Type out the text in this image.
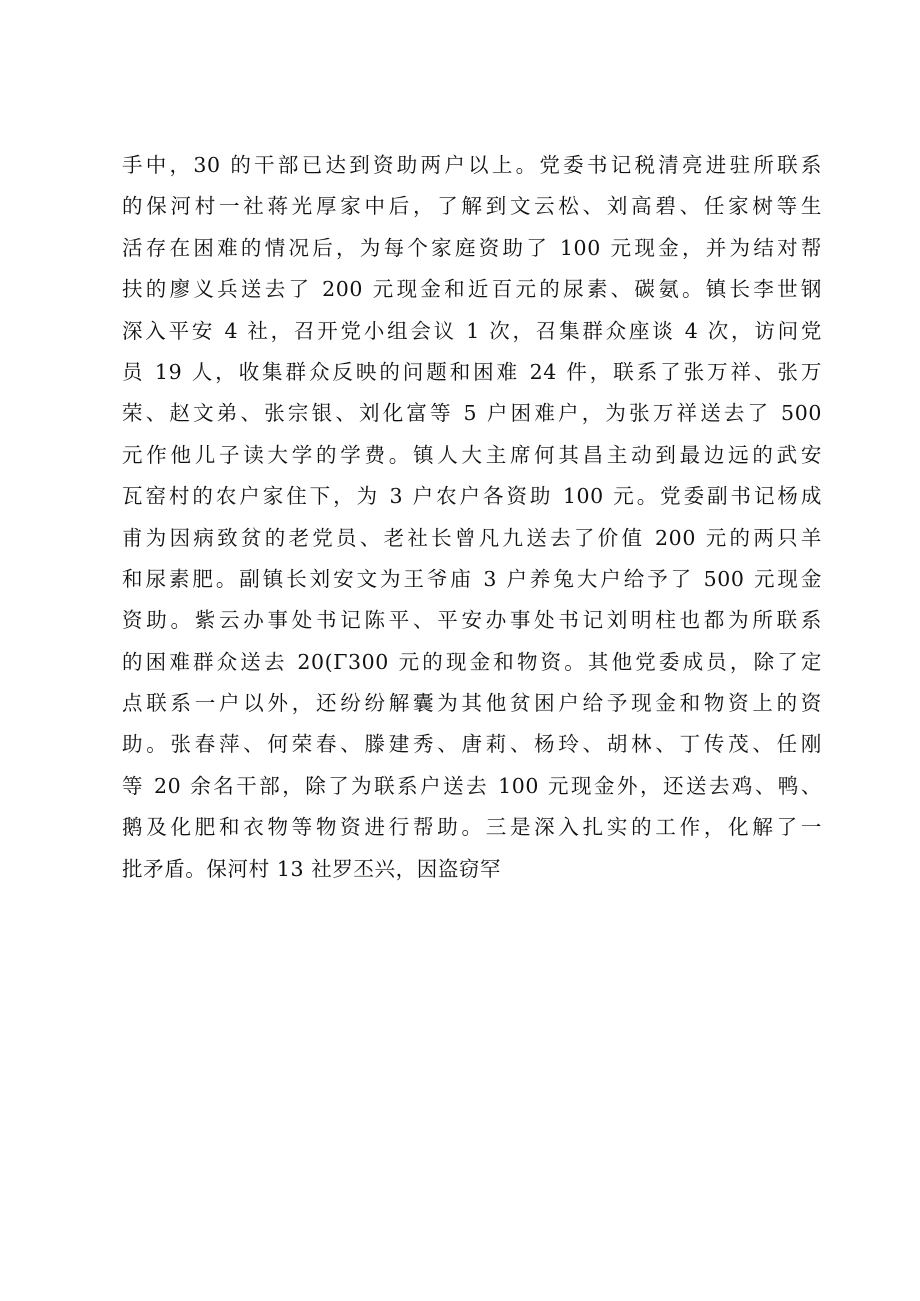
手中，30 的干部已达到资助两户以上。党委书记税清亮进驻所联系
的保河村一社蒋光厚家中后，了解到文云松、刘高碧、任家树等生
活存在困难的情况后，为每个家庭资助了 100 元现金，并为结对帮
扶的廖义兵送去了 200 元现金和近百元的尿素、碳氨。镇长李世钢
深入平安 4 社，召开党小组会议 1 次，召集群众座谈 4 次，访问党
员 19 人，收集群众反映的问题和困难 24 件，联系了张万祥、张万
荣、赵文弟、张宗银、刘化富等 5 户困难户，为张万祥送去了 500
元作他儿子读大学的学费。镇人大主席何其昌主动到最边远的武安
瓦窑村的农户家住下，为 3 户农户各资助 100 元。党委副书记杨成
甫为因病致贫的老党员、老社长曾凡九送去了价值 200 元的两只羊
和尿素肥。副镇长刘安文为王爷庙 3 户养兔大户给予了 500 元现金
资助。紫云办事处书记陈平、平安办事处书记刘明柱也都为所联系
的困难群众送去 20(Γ300 元的现金和物资。其他党委成员，除了定
点联系一户以外，还纷纷解囊为其他贫困户给予现金和物资上的资
助。张春萍、何荣春、滕建秀、唐莉、杨玲、胡林、丁传茂、任刚
等 20 余名干部，除了为联系户送去 100 元现金外，还送去鸡、鸭、
鹅及化肥和衣物等物资进行帮助。三是深入扎实的工作，化解了一
批矛盾。保河村 13 社罗丕兴，因盗窃罕
